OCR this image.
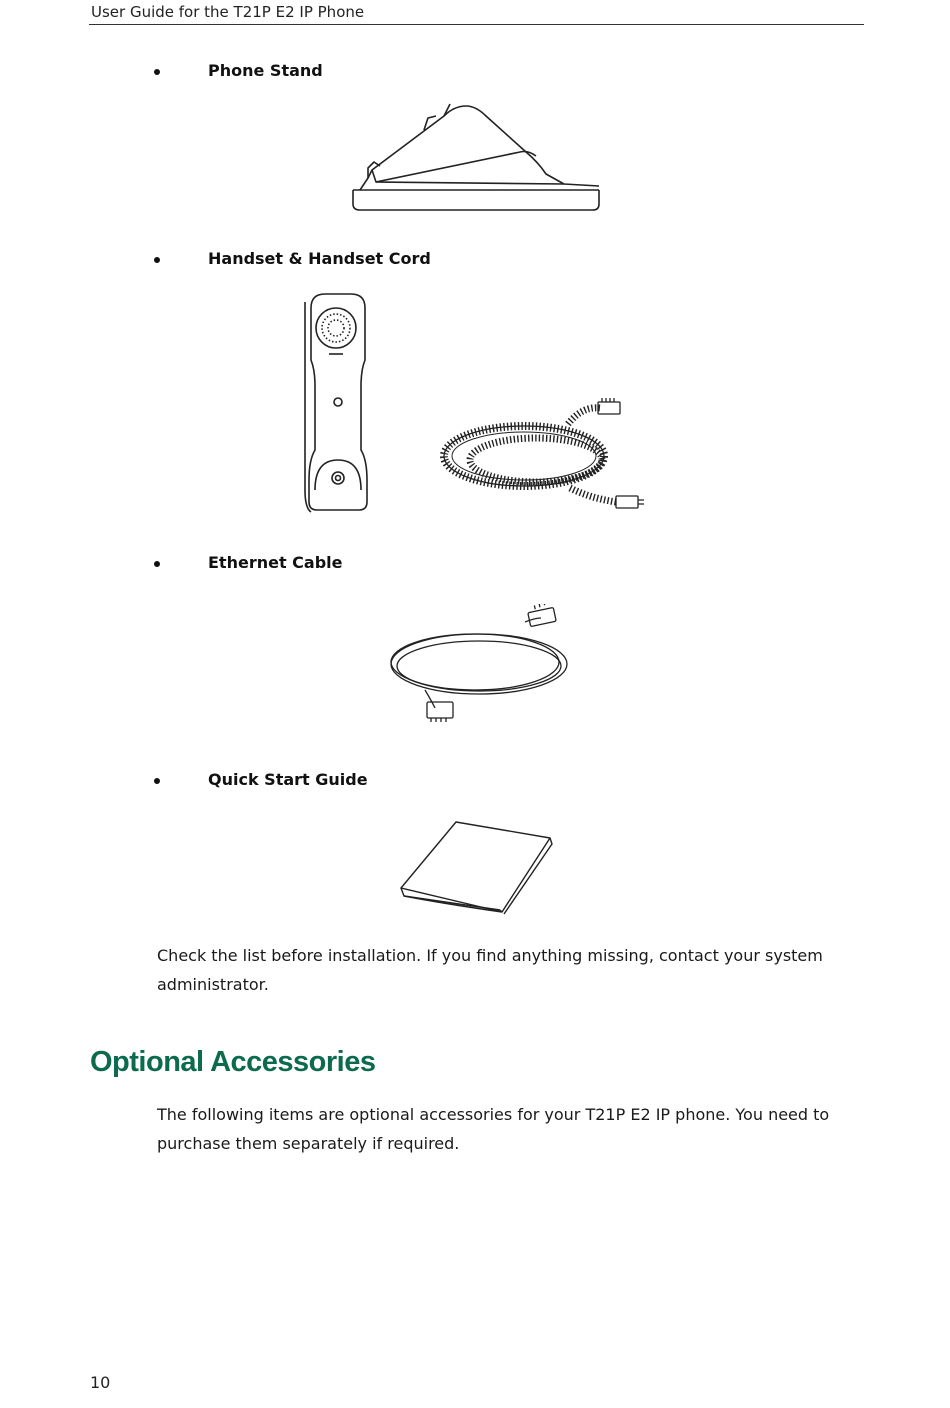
User Guide for the T21P E2 IP Phone
Phone Stand
Handset & Handset Cord
Ethernet Cable
Quick Start Guide

Check the list before installation. If you find anything missing, contact your system administrator.

Optional Accessories

The following items are optional accessories for your T21P E2 IP phone. You need to purchase them separately if required.

10
